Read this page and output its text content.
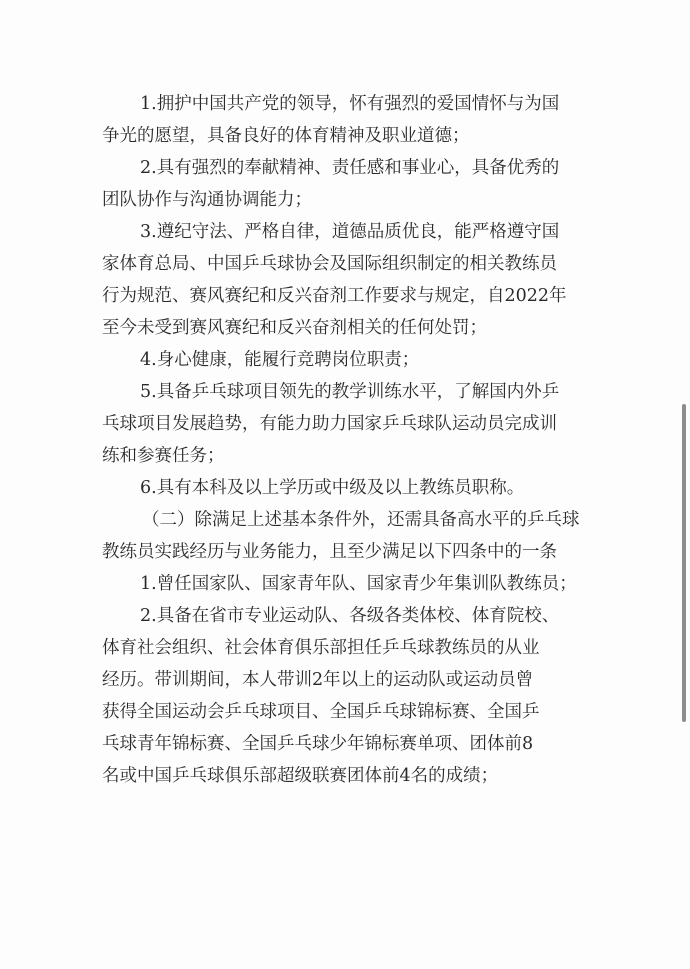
1.拥护中国共产党的领导，怀有强烈的爱国情怀与为国
争光的愿望，具备良好的体育精神及职业道德；
2.具有强烈的奉献精神、责任感和事业心，具备优秀的
团队协作与沟通协调能力；
3.遵纪守法、严格自律，道德品质优良，能严格遵守国
家体育总局、中国乒乓球协会及国际组织制定的相关教练员
行为规范、赛风赛纪和反兴奋剂工作要求与规定，自2022年
至今未受到赛风赛纪和反兴奋剂相关的任何处罚；
4.身心健康，能履行竞聘岗位职责；
5.具备乒乓球项目领先的教学训练水平，了解国内外乒
乓球项目发展趋势，有能力助力国家乒乓球队运动员完成训
练和参赛任务；
6.具有本科及以上学历或中级及以上教练员职称。
（二）除满足上述基本条件外，还需具备高水平的乒乓球
教练员实践经历与业务能力，且至少满足以下四条中的一条
1.曾任国家队、国家青年队、国家青少年集训队教练员；
2.具备在省市专业运动队、各级各类体校、体育院校、
体育社会组织、社会体育俱乐部担任乒乓球教练员的从业
经历。带训期间，本人带训2年以上的运动队或运动员曾
获得全国运动会乒乓球项目、全国乒乓球锦标赛、全国乒
乓球青年锦标赛、全国乒乓球少年锦标赛单项、团体前8
名或中国乒乓球俱乐部超级联赛团体前4名的成绩；
